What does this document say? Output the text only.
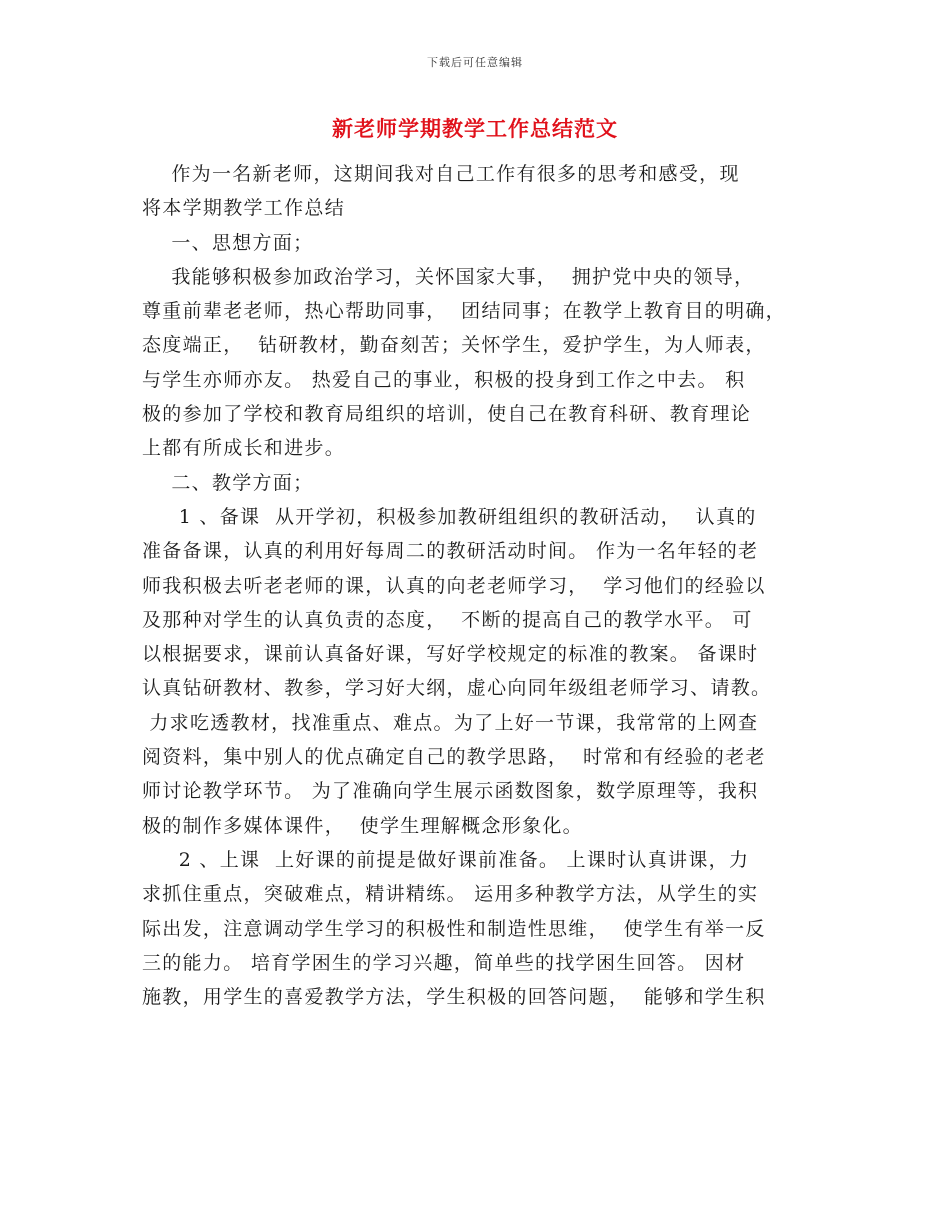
下载后可任意编辑
新老师学期教学工作总结范文
作为一名新老师，这期间我对自己工作有很多的思考和感受，现
将本学期教学工作总结
一、思想方面；
我能够积极参加政治学习，关怀国家大事，  拥护党中央的领导，
尊重前辈老老师，热心帮助同事，  团结同事；在教学上教育目的明确，
态度端正，  钻研教材，勤奋刻苦；关怀学生，爱护学生，为人师表，
与学生亦师亦友。 热爱自己的事业，积极的投身到工作之中去。 积
极的参加了学校和教育局组织的培训，使自己在教育科研、教育理论
上都有所成长和进步。
二、教学方面；
1 、备课  从开学初，积极参加教研组组织的教研活动，  认真的
准备备课，认真的利用好每周二的教研活动时间。 作为一名年轻的老
师我积极去听老老师的课，认真的向老老师学习，  学习他们的经验以
及那种对学生的认真负责的态度，  不断的提高自己的教学水平。 可
以根据要求，课前认真备好课，写好学校规定的标准的教案。 备课时
认真钻研教材、教参，学习好大纲，虚心向同年级组老师学习、请教。
力求吃透教材，找准重点、难点。为了上好一节课，我常常的上网查
阅资料，集中别人的优点确定自己的教学思路，  时常和有经验的老老
师讨论教学环节。 为了准确向学生展示函数图象，数学原理等，我积
极的制作多媒体课件，  使学生理解概念形象化。
2 、上课  上好课的前提是做好课前准备。 上课时认真讲课，力
求抓住重点，突破难点，精讲精练。 运用多种教学方法，从学生的实
际出发，注意调动学生学习的积极性和制造性思维，  使学生有举一反
三的能力。 培育学困生的学习兴趣，简单些的找学困生回答。 因材
施教，用学生的喜爱教学方法，学生积极的回答问题，  能够和学生积
